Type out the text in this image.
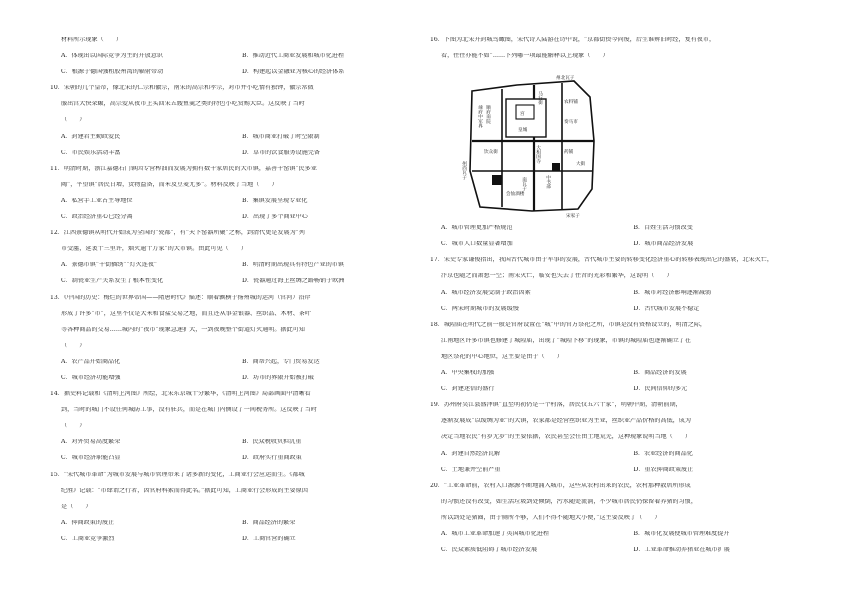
材料所示现象（　　）
A．体现出以国际竞争为主的开放意识	B．推动近代工商业发展和城市化进程
C．根源于德国强租胶州湾的辐射带动	D．构建起以金融业为核心的经济体系
10．宋朝的几个皇帝，像北宋的仁宗和徽宗，南宋的高宗和孝宗，对市井小吃情有独钟，徽宗常微
服出宫大快朵颐，高宗爱从夜市上买回宋五嫂鱼羹之类的特色小吃赏赐大臣。这反映了当时
（　　）
A．封建君主勤政爱民	B．城市商业打破了时空限制
C．市民娱乐活动丰富	D．草市的饮食服务设施完备
11．明清时期，浙江嘉德石门镇因专营榨油而发展为拥有数千家居民的大市镇，嘉善千窑镇“民多业
陶”，平望镇“居民日增，货物益备，而米及豆麦尤多”。材料反映了当地（　　）
A．私营手工业占主导地位	B．集镇发展呈现专业化
C．政治经济重心已经分离	D．出现了多个商业中心
12．江西景德镇从明代开始成为全国的“瓷都”，有“天下窑器所聚”之称，到清代更是发展为“列
市受廛，延袤十三里许，烟火逾十万家”的大市镇。由此可见（　　）
A．景德市镇“千街插绣”“灯火连夜”	B．明清时期出现具有特色产业的市镇
C．制瓷业生产关系发生了根本性变化	D．瓷器通过海上丝绸之路畅销于欧洲
13．《中国的历史：梅烂的世界帝国——隋唐时代》描述：顺着飘横于扬州城的运河（官河）沿岸
形成了许多“市”，这里不仅是大米和食盐交易之地，而且还从事金银器、丝织品、木材、茶叶
等各种商品的交易……城内的“夜市”现象急速扩大，一到夜晚整个街道灯火通明。据此可知
（　　）
A．农产品开始商品化	B．商帮兴起，专门贸易发达
C．城市经济功能增强	D．坊市的界限开始被打破
14．据史料记载和《清明上河图》所绘，北宋东京城十分繁华，《清明上河图》局部画面中清晰看
到，当时的城门不设任何城防工事，没有驻兵，而是在城门内侧设了一间税务所。这反映了当时
（　　）
A．对外贸易高度繁荣	B．民众税收负担沉重
C．城市经济职能凸显	D．政府实行重商政策
15．“宋代城市革命”为城市发展与城市管理带来了诸多新的变化，工商业行会应运而生。《都城
纪胜》记载：“市肆谓之行者，因官府科索而得此名。”据此可知，工商业行会形成的主要原因
是（　　）
A．抑商政策的废止	B．商品经济的繁荣
C．工商业竞争激烈	D．工商官营的确立
16．下图为北宋开封城鸟瞰图，宋代诗人陆游在诗中说，“京都街贽今尚废，后生谁辨旧时经，复有夜市，
看，往往亦能不如”……下列哪一项最能解释以上现象（　　）
州北瓦子
宫
马行街
竦府中军界 顺府南院
皇城
农料铺
奏马市
饮众街	大相国寺	药铺
大街
中书部
会仙酒楼
宋家子
州西瓦子
南瓦子
A．城市管理更加严格规范	B．百姓生活习惯改变
C．城市人口数量显著增加	D．城市商品经济发展
17．宋史专家谦俊指出，我国古代城市由于军事的发展，古代城市主要的转移变化经济重心的转移表现出它的盛衰，北宋灭亡，
汴京也随之而萧想一空；南宋灭亡，临安也失去了往昔的光彩和繁华，这说明（　　）
A．城市经济发展受制于政治因素	B．城市对经济影响逐渐减弱
C．两宋时期城市的发展缓慢	D．古代城市发展不稳定
18．城隍庙在明代之前一般是官府设置在“城”中的官方祭祀之所，市镇是没有资格设立的，明清之际，
江南地区许多市镇也修建了城隍庙，出现了“城隍下移”的现象，市镇的城隍庙也逐渐确立了在
地区祭祀的中心地位，这主要是由于（　　）
A．中央集权的加强	B．商品经济的发展
C．封建迷信的盛行	D．民间信仰的多元
19．苏州府吴江县盛泽镇“直至明初仍是一个村落，居民仅五六十家”，明朝中期，清朝前期，
逐渐发展成“以绫绸为业”的大镇，农家都是经营丝织业为主业，丝织业产品价格的高低，成为
决定当地农民“有岁无岁”的主要依据，农民甚至会任由土地荒芜，这种现象说明当地（　　）
A．封建自然经济瓦解	B．农业经济的商品化
C．土地兼并空前严重	D．重农抑商政策废止
20．“工业革命前，农村人口源源不断地涌入城市，这些从农村出来的农民，农村那种散居所形成
的习惯还没有改变，如生活垃圾到处倾倒，污水随处流淌，不少城市居民仍保留着养猪的习惯，
所以到处是猪圈，由于厕所不够，人们不得不随地大小便，”这主要反映了（　　）
A．城市工业革命加速了英国城市化进程	B．城市化发展使城市管理难度提升
C．民众素质低阻碍了城市经济发展	D．工业革命推动养猪业在城市扩展
